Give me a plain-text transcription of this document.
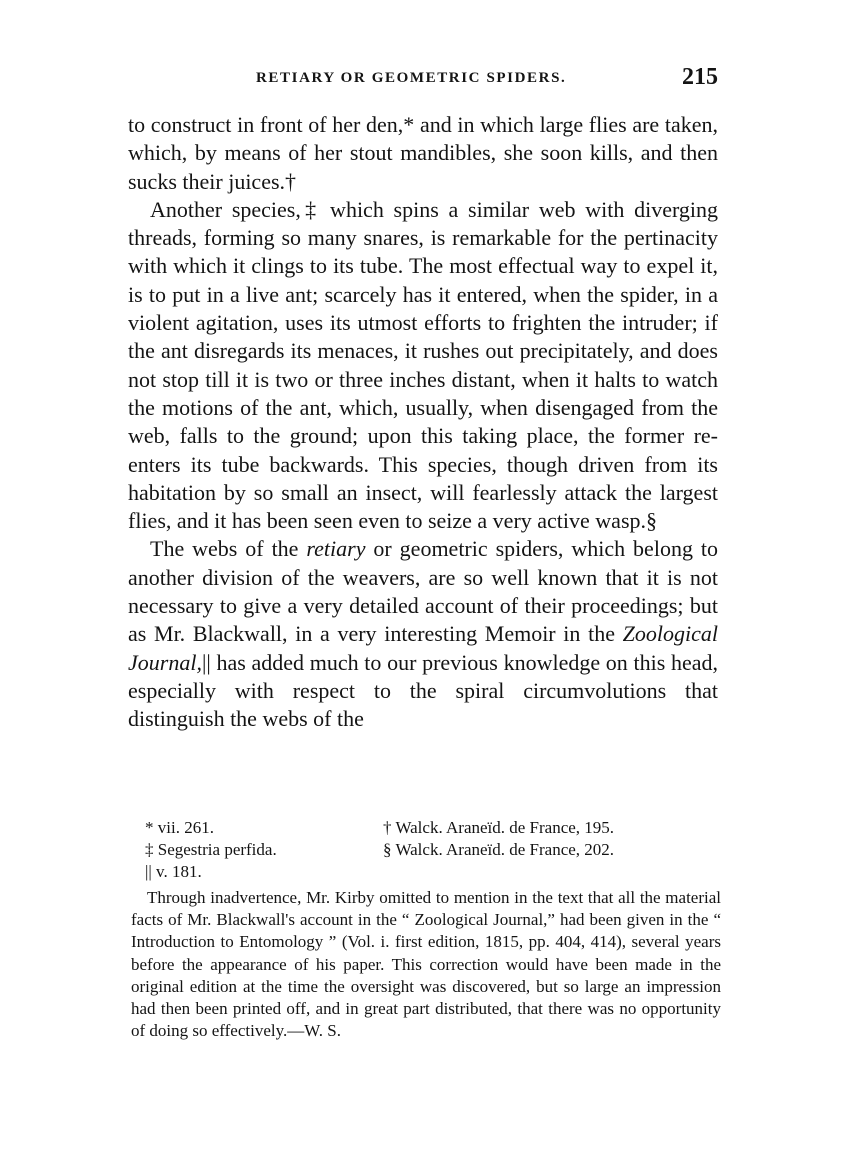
RETIARY OR GEOMETRIC SPIDERS.	215

to construct in front of her den,* and in which large flies are taken, which, by means of her stout mandibles, she soon kills, and then sucks their juices.†

Another species,‡ which spins a similar web with diverging threads, forming so many snares, is remarkable for the pertinacity with which it clings to its tube. The most effectual way to expel it, is to put in a live ant; scarcely has it entered, when the spider, in a violent agitation, uses its utmost efforts to frighten the intruder; if the ant disregards its menaces, it rushes out precipitately, and does not stop till it is two or three inches distant, when it halts to watch the motions of the ant, which, usually, when disengaged from the web, falls to the ground; upon this taking place, the former re-enters its tube backwards. This species, though driven from its habitation by so small an insect, will fearlessly attack the largest flies, and it has been seen even to seize a very active wasp.§

The webs of the retiary or geometric spiders, which belong to another division of the weavers, are so well known that it is not necessary to give a very detailed account of their proceedings; but as Mr. Blackwall, in a very interesting Memoir in the Zoological Journal,|| has added much to our previous knowledge on this head, especially with respect to the spiral circumvolutions that distinguish the webs of the

* vii. 261.	† Walck. Araneïd. de France, 195.
‡ Segestria perfida.	§ Walck. Araneïd. de France, 202.
|| v. 181.
Through inadvertence, Mr. Kirby omitted to mention in the text that all the material facts of Mr. Blackwall's account in the “ Zoological Journal,” had been given in the “ Introduction to Entomology ” (Vol. i. first edition, 1815, pp. 404, 414), several years before the appearance of his paper. This correction would have been made in the original edition at the time the oversight was discovered, but so large an impression had then been printed off, and in great part distributed, that there was no opportunity of doing so effectively.—W. S.
